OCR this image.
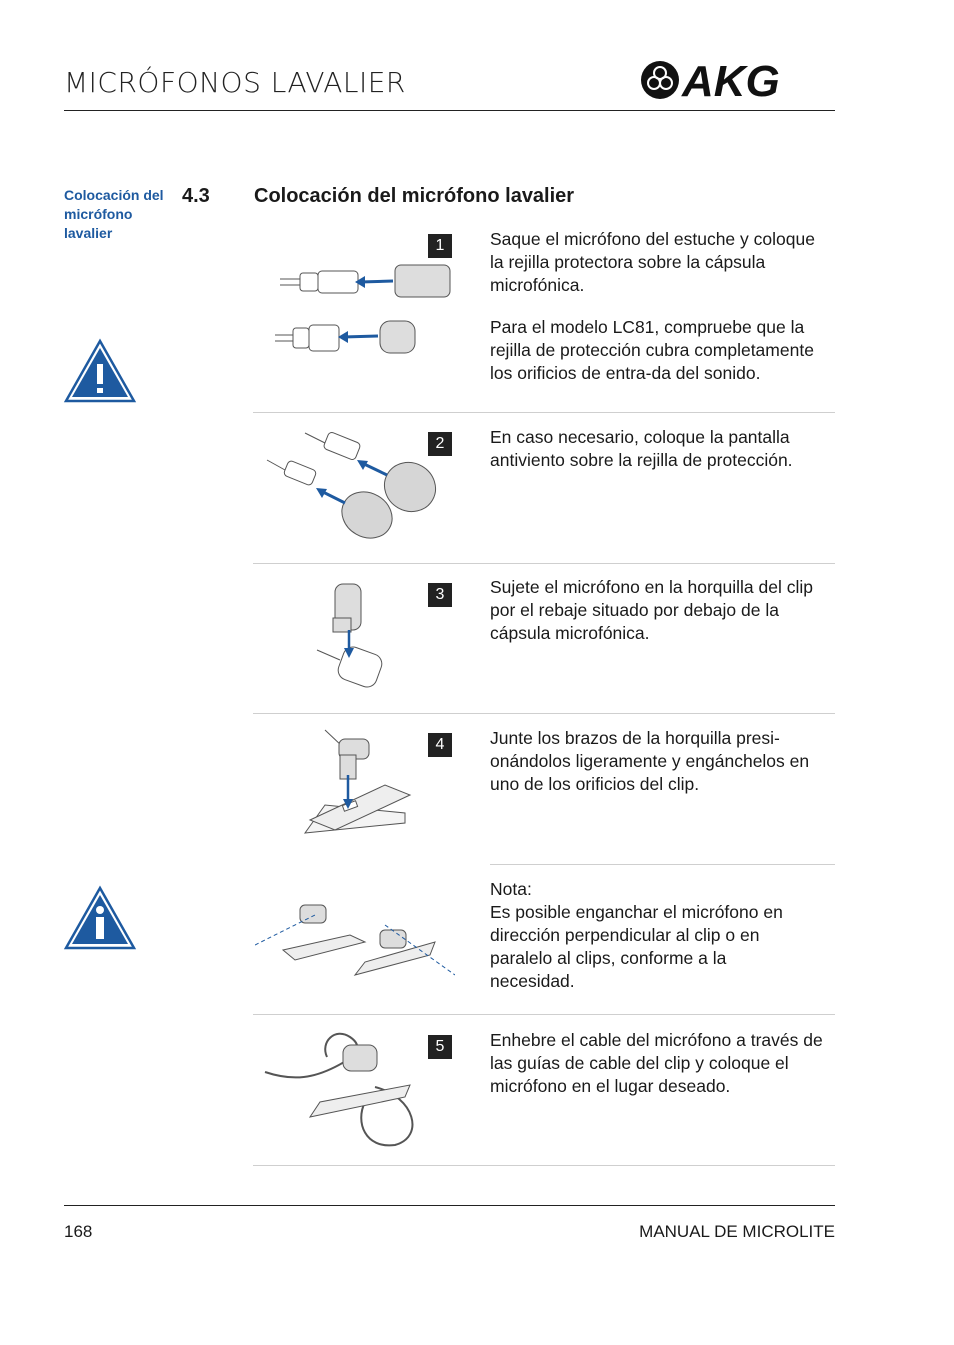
MICRÓFONOS LAVALIER	AKG
Colocación del micrófono lavalier
4.3 Colocación del micrófono lavalier
1	Saque el micrófono del estuche y coloque la rejilla protectora sobre la cápsula microfónica.
Para el modelo LC81, compruebe que la rejilla de protección cubra completamente los orificios de entra-da del sonido.
2	En caso necesario, coloque la pantalla antiviento sobre la rejilla de protección.
3	Sujete el micrófono en la horquilla del clip por el rebaje situado por debajo de la cápsula microfónica.
4	Junte los brazos de la horquilla presi-onándolos ligeramente y engánchelos en uno de los orificios del clip.
Nota:
Es posible enganchar el micrófono en dirección perpendicular al clip o en paralelo al clips, conforme a la necesidad.
5	Enhebre el cable del micrófono a través de las guías de cable del clip y coloque el micrófono en el lugar deseado.
168	MANUAL DE MICROLITE
